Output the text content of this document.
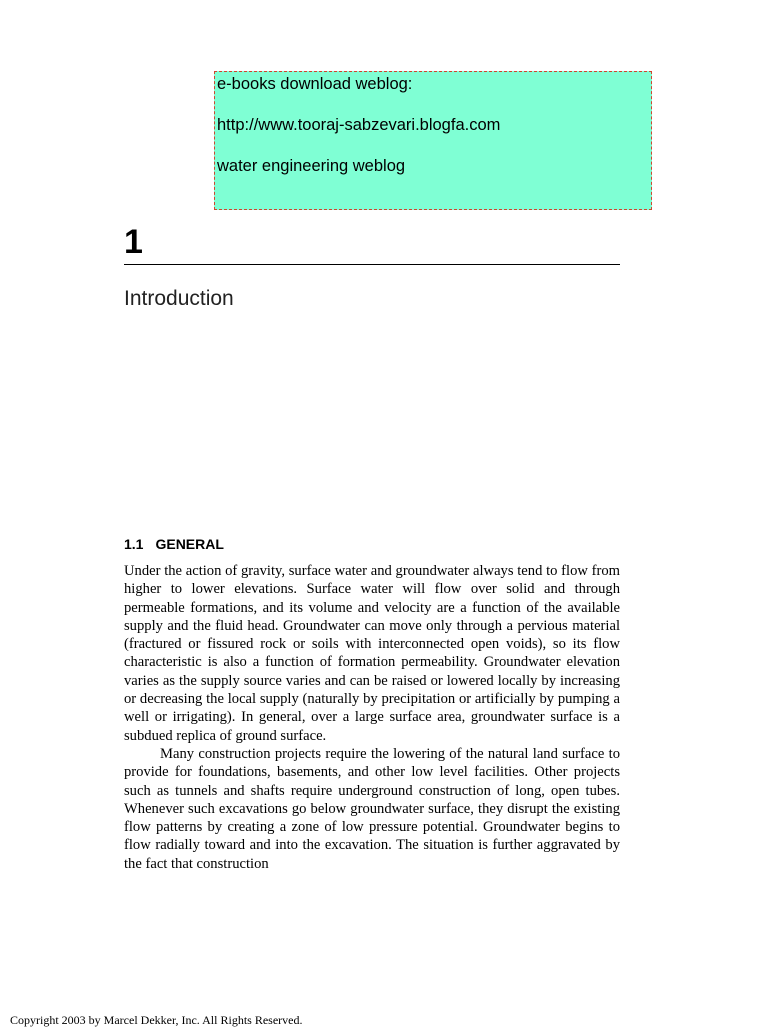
e-books download weblog:
http://www.tooraj-sabzevari.blogfa.com
water engineering weblog
1
Introduction
1.1 GENERAL

Under the action of gravity, surface water and groundwater always tend to flow from higher to lower elevations. Surface water will flow over solid and through permeable formations, and its volume and velocity are a function of the available supply and the fluid head. Groundwater can move only through a pervious material (fractured or fissured rock or soils with interconnected open voids), so its flow characteristic is also a function of formation permeability. Groundwater elevation varies as the supply source varies and can be raised or lowered locally by increasing or decreasing the local supply (naturally by precipitation or artificially by pumping a well or irrigating). In general, over a large surface area, groundwater surface is a subdued replica of ground surface.

Many construction projects require the lowering of the natural land surface to provide for foundations, basements, and other low level facilities. Other projects such as tunnels and shafts require underground construction of long, open tubes. Whenever such excavations go below groundwater surface, they disrupt the existing flow patterns by creating a zone of low pressure potential. Groundwater begins to flow radially toward and into the excavation. The situation is further aggravated by the fact that construction

Copyright 2003 by Marcel Dekker, Inc. All Rights Reserved.
